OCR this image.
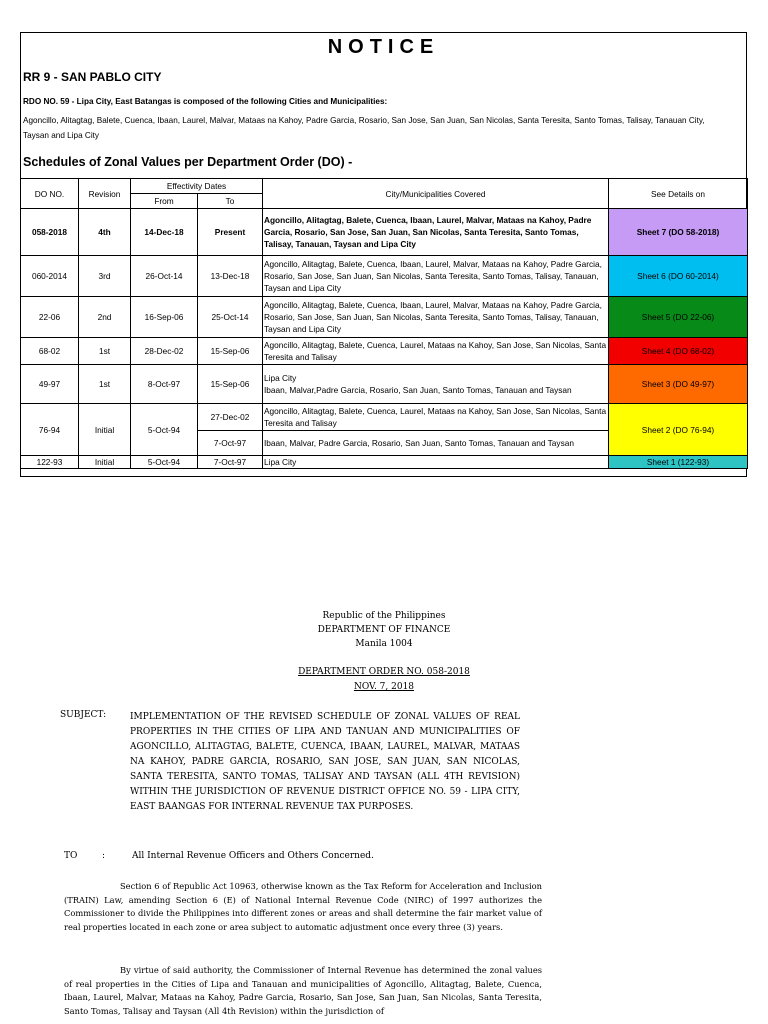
NOTICE
RR 9 - SAN PABLO CITY
RDO NO. 59 - Lipa City, East Batangas is composed of the following Cities and Municipalities:
Agoncillo, Alitagtag, Balete, Cuenca, Ibaan, Laurel, Malvar, Mataas na Kahoy, Padre Garcia, Rosario, San Jose, San Juan, San Nicolas, Santa Teresita, Santo Tomas, Talisay, Tanauan City, Taysan and Lipa City
Schedules of Zonal Values per Department Order (DO) -
DO NO.	Revision	Effectivity Dates		City/Municipalities Covered	See Details on
		From	To		
058-2018	4th	14-Dec-18	Present	Agoncillo, Alitagtag, Balete, Cuenca, Ibaan, Laurel, Malvar, Mataas na Kahoy, Padre Garcia, Rosario, San Jose, San Juan, San Nicolas, Santa Teresita, Santo Tomas, Talisay, Tanauan, Taysan and Lipa City	Sheet 7 (DO 58-2018)
060-2014	3rd	26-Oct-14	13-Dec-18	Agoncillo, Alitagtag, Balete, Cuenca, Ibaan, Laurel, Malvar, Mataas na Kahoy, Padre Garcia, Rosario, San Jose, San Juan, San Nicolas, Santa Teresita, Santo Tomas, Talisay, Tanauan, Taysan and Lipa City	Sheet 6 (DO 60-2014)
22-06	2nd	16-Sep-06	25-Oct-14	Agoncillo, Alitagtag, Balete, Cuenca, Ibaan, Laurel, Malvar, Mataas na Kahoy, Padre Garcia, Rosario, San Jose, San Juan, San Nicolas, Santa Teresita, Santo Tomas, Talisay, Tanauan, Taysan and Lipa City	Sheet 5 (DO 22-06)
68-02	1st	28-Dec-02	15-Sep-06	Agoncillo, Alitagtag, Balete, Cuenca, Laurel, Mataas na Kahoy, San Jose, San Nicolas, Santa Teresita and Talisay	Sheet 4 (DO 68-02)
49-97	1st	8-Oct-97	15-Sep-06	Lipa City
Ibaan, Malvar,Padre Garcia, Rosario, San Juan, Santo Tomas, Tanauan and Taysan	Sheet 3 (DO 49-97)
76-94	Initial	5-Oct-94	27-Dec-02	Agoncillo, Alitagtag, Balete, Cuenca, Laurel, Mataas na Kahoy, San Jose, San Nicolas, Santa Teresita and Talisay	Sheet 2 (DO 76-94)
			7-Oct-97	Ibaan, Malvar, Padre Garcia, Rosario, San Juan, Santo Tomas, Tanauan and Taysan	
122-93	Initial	5-Oct-94	7-Oct-97	Lipa City	Sheet 1 (122-93)
Republic of the Philippines
DEPARTMENT OF FINANCE
Manila 1004
DEPARTMENT ORDER NO. 058-2018
NOV. 7, 2018
SUBJECT:	IMPLEMENTATION OF THE REVISED SCHEDULE OF ZONAL VALUES OF REAL PROPERTIES IN THE CITIES OF LIPA AND TANUAN AND MUNICIPALITIES OF AGONCILLO, ALITAGTAG, BALETE, CUENCA, IBAAN, LAUREL, MALVAR, MATAAS NA KAHOY, PADRE GARCIA, ROSARIO, SAN JOSE, SAN JUAN, SAN NICOLAS, SANTA TERESITA, SANTO TOMAS, TALISAY AND TAYSAN (ALL 4TH REVISION) WITHIN THE JURISDICTION OF REVENUE DISTRICT OFFICE NO. 59 - LIPA CITY, EAST BAANGAS FOR INTERNAL REVENUE TAX PURPOSES.
TO	:	All Internal Revenue Officers and Others Concerned.
Section 6 of Republic Act 10963, otherwise known as the Tax Reform for Acceleration and Inclusion (TRAIN) Law, amending Section 6 (E) of National Internal Revenue Code (NIRC) of 1997 authorizes the Commissioner to divide the Philippines into different zones or areas and shall determine the fair market value of real properties located in each zone or area subject to automatic adjustment once every three (3) years.
By virtue of said authority, the Commissioner of Internal Revenue has determined the zonal values of real properties in the Cities of Lipa and Tanauan and municipalities of Agoncillo, Alitagtag, Balete, Cuenca, Ibaan, Laurel, Malvar, Mataas na Kahoy, Padre Garcia, Rosario, San Jose, San Juan, San Nicolas, Santa Teresita, Santo Tomas, Talisay and Taysan (All 4th Revision) within the jurisdiction of
